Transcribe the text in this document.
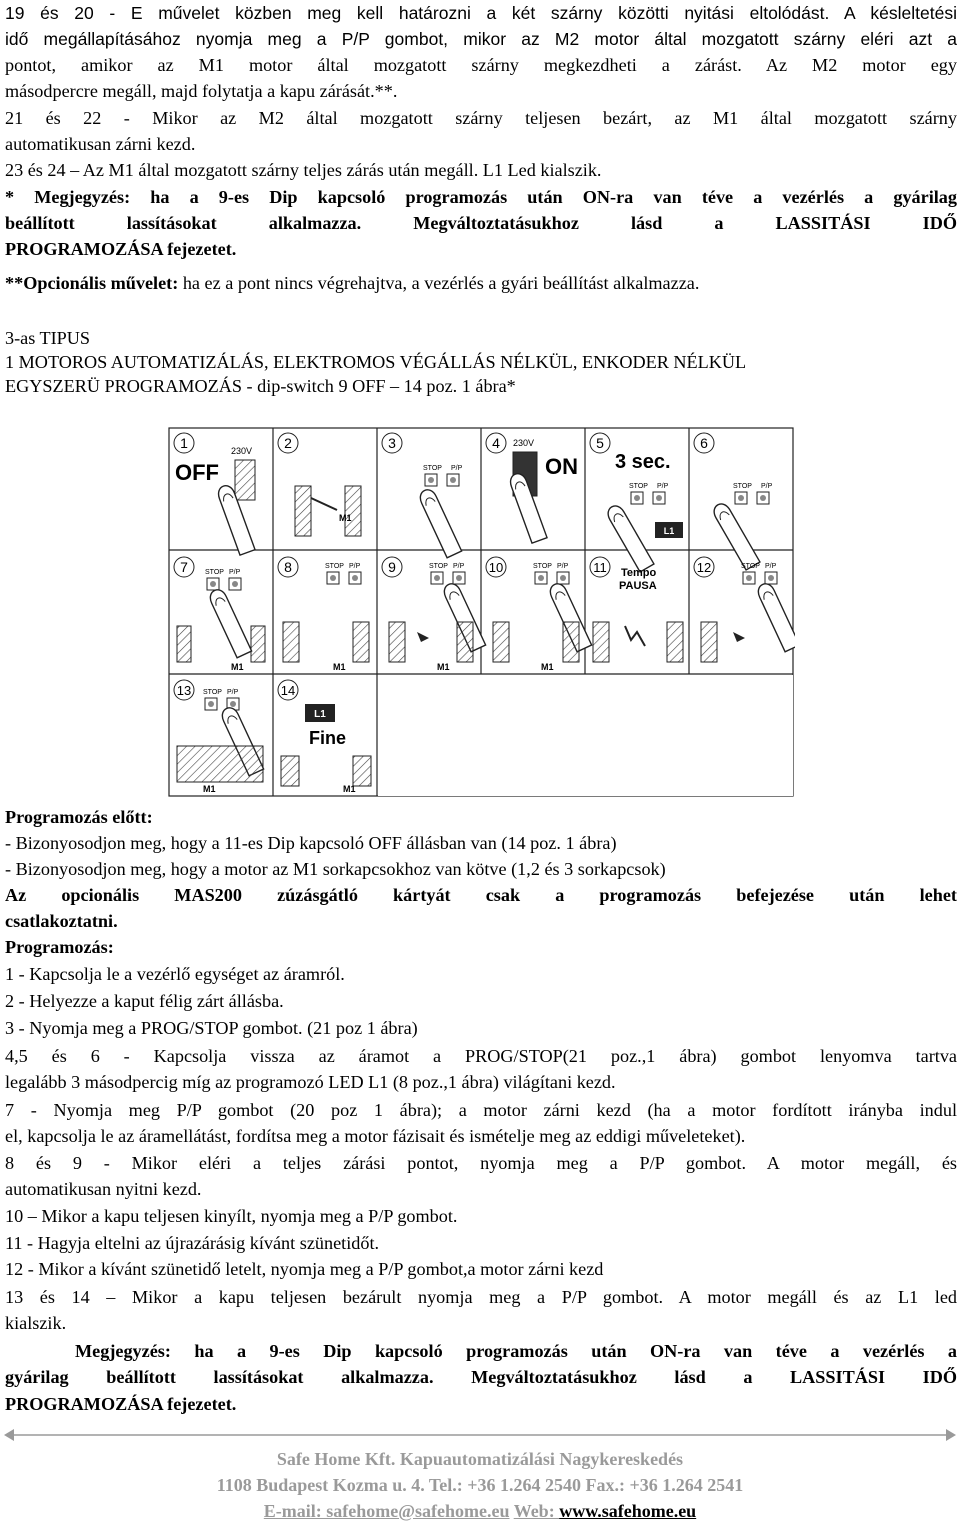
19 és 20 - E művelet közben meg kell határozni a két szárny közötti nyitási eltolódást. A késleltetési
idő megállapításához nyomja meg a P/P gombot, mikor az M2 motor által mozgatott szárny eléri azt a
pontot, amikor az M1 motor által mozgatott szárny megkezdheti a zárást. Az M2 motor egy
másodpercre megáll, majd folytatja a kapu zárását.**.
21 és 22 - Mikor az M2 által mozgatott szárny teljesen bezárt, az M1 által mozgatott szárny
automatikusan zárni kezd.
23 és 24 – Az M1 által mozgatott szárny teljes zárás után megáll. L1 Led kialszik.
* Megjegyzés: ha a 9-es Dip kapcsoló programozás után ON-ra van téve a vezérlés a gyárilag
beállított lassításokat alkalmazza. Megváltoztatásukhoz lásd a LASSITÁSI IDŐ
PROGRAMOZÁSA fejezetet.
**Opcionális művelet: ha ez a pont nincs végrehajtva, a vezérlés a gyári beállítást alkalmazza.
3-as TIPUS
1 MOTOROS AUTOMATIZÁLÁS, ELEKTROMOS VÉGÁLLÁS NÉLKÜL, ENKODER NÉLKÜL
EGYSZERÜ PROGRAMOZÁS - dip-switch 9 OFF – 14 poz. 1 ábra*
1
OFF
230V 2
M1
3
STOP P/P
4 230V
ON
5
3 sec.
STOP P/P
L1
6
STOP P/P
7 STOP P/P
M1
8	STOP P/P
M1
9	STOP P/P
M1
10	STOP P/P
M1
11 Tempo
PAUSA
12	STOP P/P
13 STOP P/P
M1
14
L1
Fine
M1
Programozás előtt:
- Bizonyosodjon meg, hogy a 11-es Dip kapcsoló OFF állásban van (14 poz. 1 ábra)
- Bizonyosodjon meg, hogy a motor az M1 sorkapcsokhoz van kötve (1,2 és 3 sorkapcsok)
Az opcionális MAS200 zúzásgátló kártyát csak a programozás befejezése után lehet
csatlakoztatni.
Programozás:
1 - Kapcsolja le a vezérlő egységet az áramról.
2 - Helyezze a kaput félig zárt állásba.
3 - Nyomja meg a PROG/STOP gombot. (21 poz 1 ábra)
4,5 és 6 - Kapcsolja vissza az áramot a PROG/STOP(21 poz.,1 ábra) gombot lenyomva tartva
legalább 3 másodpercig míg az programozó LED L1 (8 poz.,1 ábra) világítani kezd.
7 - Nyomja meg P/P gombot (20 poz 1 ábra); a motor zárni kezd (ha a motor fordított irányba indul
el, kapcsolja le az áramellátást, fordítsa meg a motor fázisait és ismételje meg az eddigi műveleteket).
8 és 9 - Mikor eléri a teljes zárási pontot, nyomja meg a P/P gombot. A motor megáll, és
automatikusan nyitni kezd.
10 – Mikor a kapu teljesen kinyílt, nyomja meg a P/P gombot.
11 - Hagyja eltelni az újrazárásig kívánt szünetidőt.
12 - Mikor a kívánt szünetidő letelt, nyomja meg a P/P gombot,a motor zárni kezd
13 és 14 – Mikor a kapu teljesen bezárult nyomja meg a P/P gombot. A motor megáll és az L1 led
kialszik.
Megjegyzés: ha a 9-es Dip kapcsoló programozás után ON-ra van téve a vezérlés a
gyárilag beállított lassításokat alkalmazza. Megváltoztatásukhoz lásd a LASSITÁSI IDŐ
PROGRAMOZÁSA fejezetet.
Safe Home Kft. Kapuautomatizálási Nagykereskedés
1108 Budapest Kozma u. 4. Tel.: +36 1.264 2540 Fax.: +36 1.264 2541
E-mail: safehome@safehome.eu Web: www.safehome.eu
